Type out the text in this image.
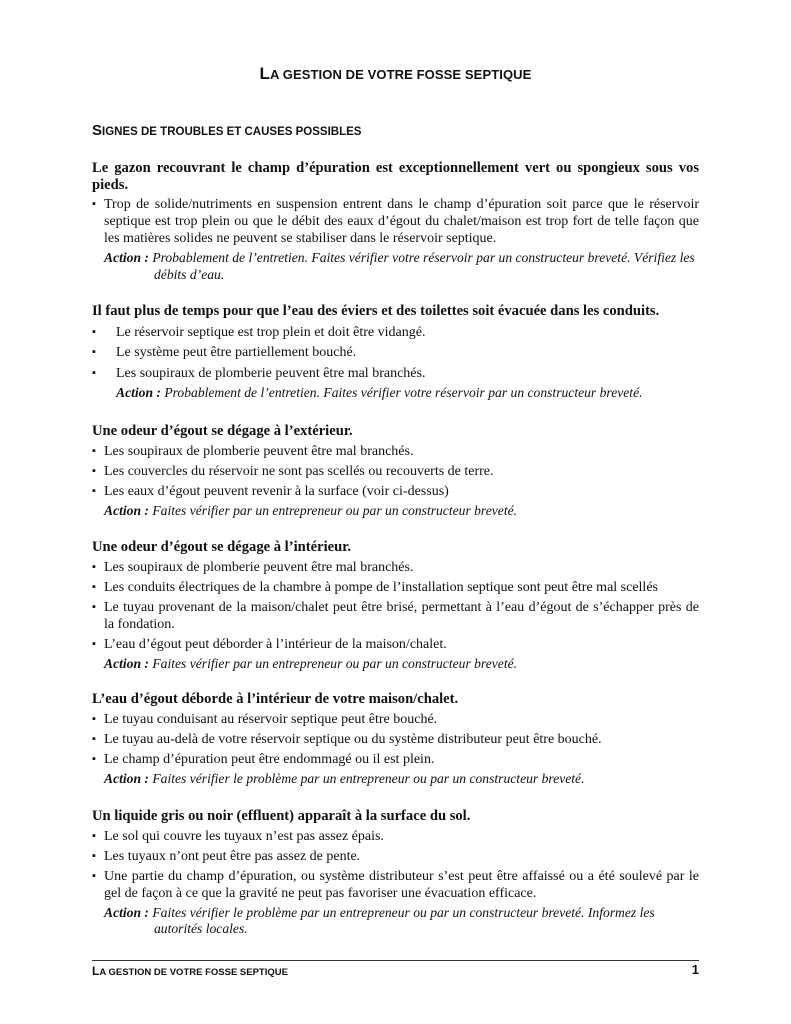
LA GESTION DE VOTRE FOSSE SEPTIQUE
SIGNES DE TROUBLES ET CAUSES POSSIBLES

Le gazon recouvrant le champ d’épuration est exceptionnellement vert ou spongieux sous vos pieds.

▪ Trop de solide/nutriments en suspension entrent dans le champ d’épuration soit parce que le réservoir septique est trop plein ou que le débit des eaux d’égout du chalet/maison est trop fort de telle façon que les matières solides ne peuvent se stabiliser dans le réservoir septique.
Action : Probablement de l’entretien. Faites vérifier votre réservoir par un constructeur breveté. Vérifiez les débits d’eau.

Il faut plus de temps pour que l’eau des éviers et des toilettes soit évacuée dans les conduits.

▪ Le réservoir septique est trop plein et doit être vidangé.
▪ Le système peut être partiellement bouché.
▪ Les soupiraux de plomberie peuvent être mal branchés.
Action : Probablement de l’entretien. Faites vérifier votre réservoir par un constructeur breveté.

Une odeur d’égout se dégage à l’extérieur.

▪ Les soupiraux de plomberie peuvent être mal branchés.
▪ Les couvercles du réservoir ne sont pas scellés ou recouverts de terre.
▪ Les eaux d’égout peuvent revenir à la surface (voir ci-dessus)
Action : Faites vérifier par un entrepreneur ou par un constructeur breveté.

Une odeur d’égout se dégage à l’intérieur.

▪ Les soupiraux de plomberie peuvent être mal branchés.
▪ Les conduits électriques de la chambre à pompe de l’installation septique sont peut être mal scellés
▪ Le tuyau provenant de la maison/chalet peut être brisé, permettant à l’eau d’égout de s’échapper près de la fondation.
▪ L’eau d’égout peut déborder à l’intérieur de la maison/chalet.
Action : Faites vérifier par un entrepreneur ou par un constructeur breveté.

L’eau d’égout déborde à l’intérieur de votre maison/chalet.

▪ Le tuyau conduisant au réservoir septique peut être bouché.
▪ Le tuyau au-delà de votre réservoir septique ou du système distributeur peut être bouché.
▪ Le champ d’épuration peut être endommagé ou il est plein.
Action : Faites vérifier le problème par un entrepreneur ou par un constructeur breveté.

Un liquide gris ou noir (effluent) apparaît à la surface du sol.

▪ Le sol qui couvre les tuyaux n’est pas assez épais.
▪ Les tuyaux n’ont peut être pas assez de pente.
▪ Une partie du champ d’épuration, ou système distributeur s’est peut être affaissé ou a été soulevé par le gel de façon à ce que la gravité ne peut pas favoriser une évacuation efficace.
Action : Faites vérifier le problème par un entrepreneur ou par un constructeur breveté. Informez les autorités locales.
LA GESTION DE VOTRE FOSSE SEPTIQUE	1
